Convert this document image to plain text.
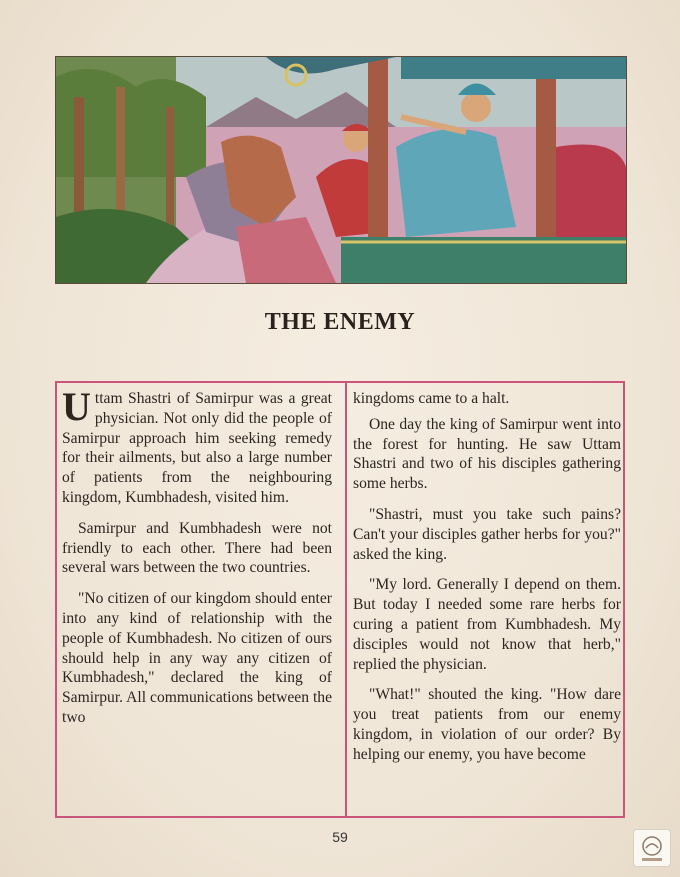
THE ENEMY

Uttam Shastri of Samirpur was a great physician. Not only did the people of Samirpur approach him seeking remedy for their ailments, but also a large number of patients from the neighbouring kingdom, Kumbhadesh, visited him.

Samirpur and Kumbhadesh were not friendly to each other. There had been several wars between the two countries.

"No citizen of our kingdom should enter into any kind of relationship with the people of Kumbhadesh. No citizen of ours should help in any way any citizen of Kumbhadesh," declared the king of Samirpur. All communications between the two

kingdoms came to a halt.

One day the king of Samirpur went into the forest for hunting. He saw Uttam Shastri and two of his disciples gathering some herbs.

"Shastri, must you take such pains? Can't your disciples gather herbs for you?" asked the king.

"My lord. Generally I depend on them. But today I needed some rare herbs for curing a patient from Kumbhadesh. My disciples would not know that herb," replied the physician.

"What!" shouted the king. "How dare you treat patients from our enemy kingdom, in violation of our order? By helping our enemy, you have become

59
